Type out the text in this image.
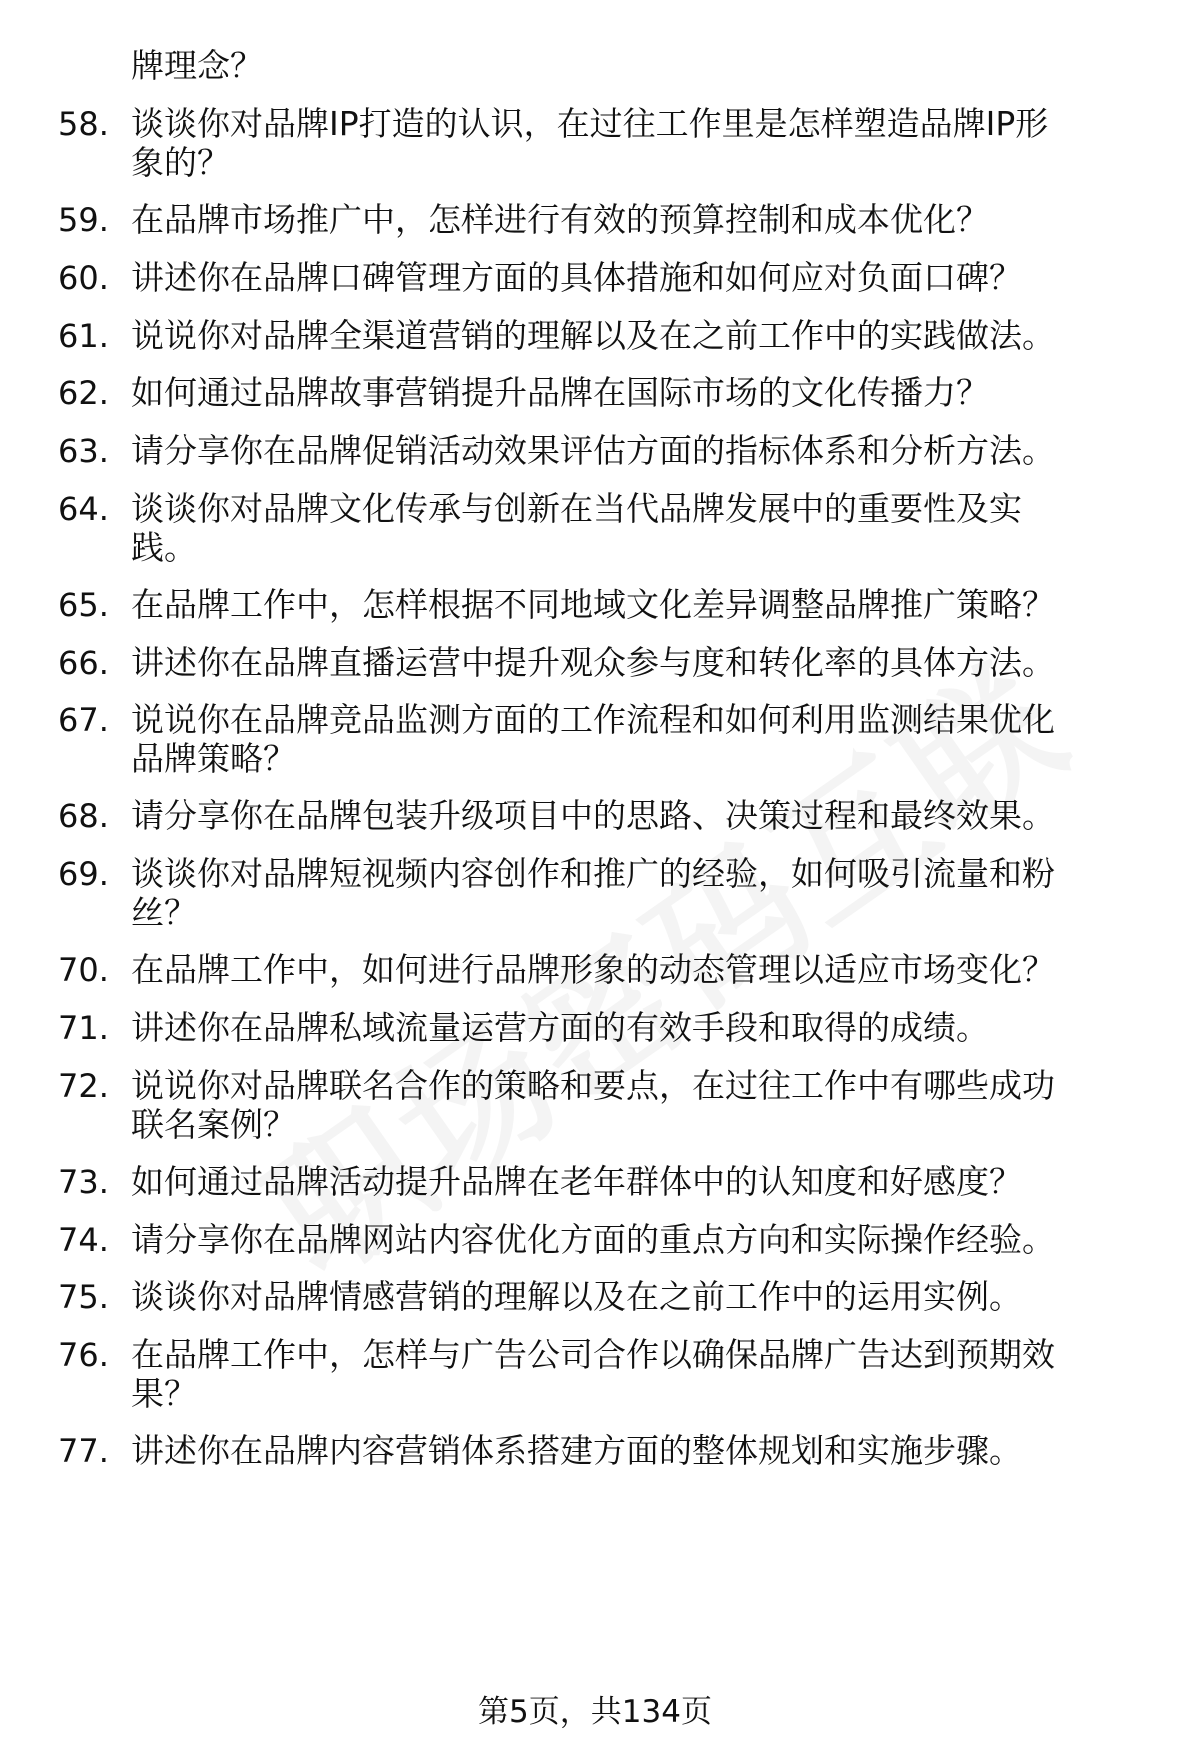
牌理念？
58. 谈谈你对品牌IP打造的认识，在过往工作里是怎样塑造品牌IP形
象的？
59. 在品牌市场推广中，怎样进行有效的预算控制和成本优化？
60. 讲述你在品牌口碑管理方面的具体措施和如何应对负面口碑？
61. 说说你对品牌全渠道营销的理解以及在之前工作中的实践做法。
62. 如何通过品牌故事营销提升品牌在国际市场的文化传播力？
63. 请分享你在品牌促销活动效果评估方面的指标体系和分析方法。
64. 谈谈你对品牌文化传承与创新在当代品牌发展中的重要性及实
践。
65. 在品牌工作中，怎样根据不同地域文化差异调整品牌推广策略？
66. 讲述你在品牌直播运营中提升观众参与度和转化率的具体方法。
67. 说说你在品牌竞品监测方面的工作流程和如何利用监测结果优化
品牌策略？
68. 请分享你在品牌包装升级项目中的思路、决策过程和最终效果。
69. 谈谈你对品牌短视频内容创作和推广的经验，如何吸引流量和粉
丝？
70. 在品牌工作中，如何进行品牌形象的动态管理以适应市场变化？
71. 讲述你在品牌私域流量运营方面的有效手段和取得的成绩。
72. 说说你对品牌联名合作的策略和要点，在过往工作中有哪些成功
联名案例？
73. 如何通过品牌活动提升品牌在老年群体中的认知度和好感度？
74. 请分享你在品牌网站内容优化方面的重点方向和实际操作经验。
75. 谈谈你对品牌情感营销的理解以及在之前工作中的运用实例。
76. 在品牌工作中，怎样与广告公司合作以确保品牌广告达到预期效
果？
77. 讲述你在品牌内容营销体系搭建方面的整体规划和实施步骤。
第5页，共134页
